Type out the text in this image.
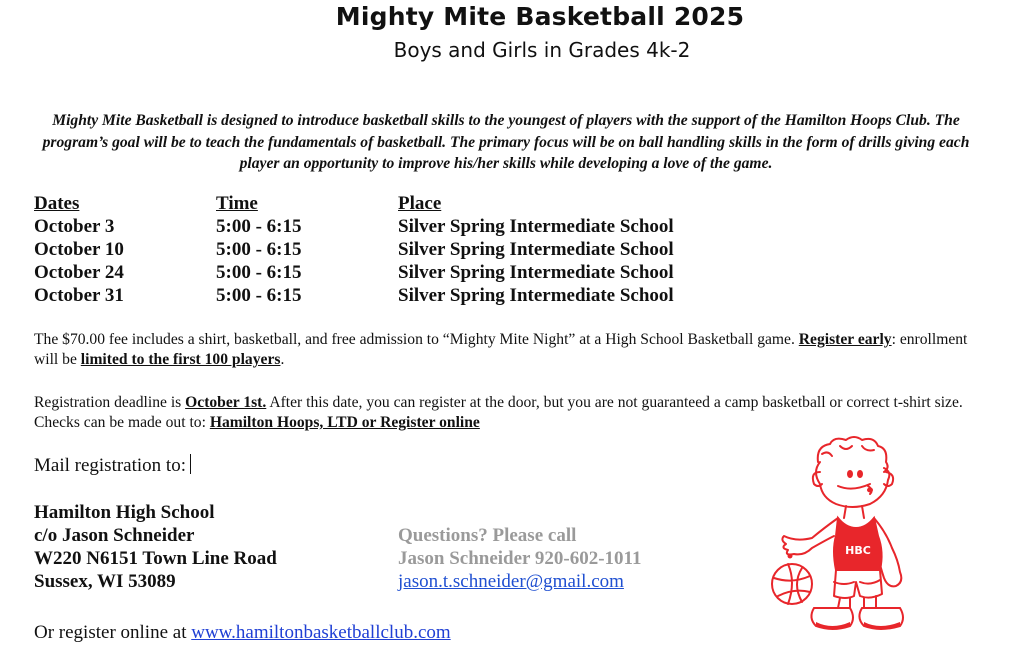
Mighty Mite Basketball 2025
Boys and Girls in Grades 4k-2
Mighty Mite Basketball is designed to introduce basketball skills to the youngest of players with the support of the Hamilton Hoops Club. The program’s goal will be to teach the fundamentals of basketball. The primary focus will be on ball handling skills in the form of drills giving each player an opportunity to improve his/her skills while developing a love of the game.
Dates	Time	Place
October 3	5:00 - 6:15	Silver Spring Intermediate School
October 10	5:00 - 6:15	Silver Spring Intermediate School
October 24	5:00 - 6:15	Silver Spring Intermediate School
October 31	5:00 - 6:15	Silver Spring Intermediate School
The $70.00 fee includes a shirt, basketball, and free admission to “Mighty Mite Night” at a High School Basketball game. Register early: enrollment will be limited to the first 100 players.
Registration deadline is October 1st. After this date, you can register at the door, but you are not guaranteed a camp basketball or correct t-shirt size. Checks can be made out to: Hamilton Hoops, LTD or Register online
Mail registration to:
Hamilton High School
c/o Jason Schneider
W220 N6151 Town Line Road
Sussex, WI 53089
Questions? Please call
Jason Schneider 920-602-1011
jason.t.schneider@gmail.com
Or register online at www.hamiltonbasketballclub.com
HBC
